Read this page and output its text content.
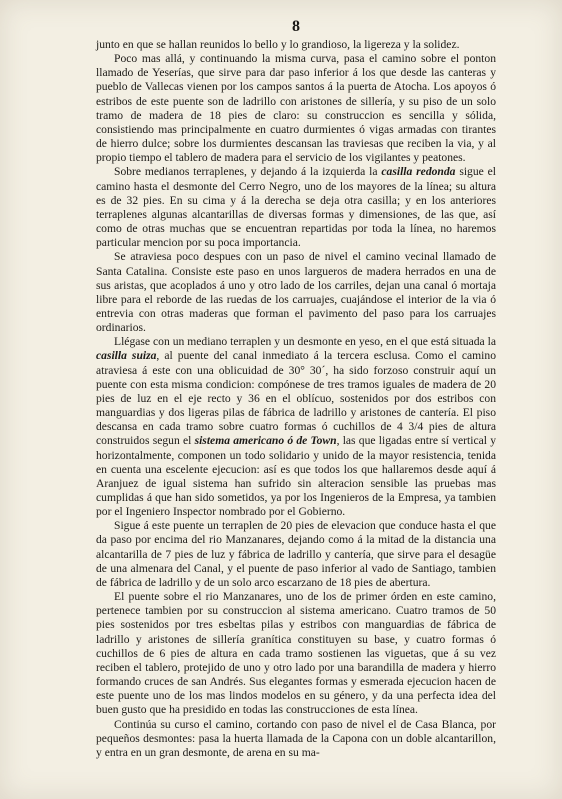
8

junto en que se hallan reunidos lo bello y lo grandioso, la ligereza y la solidez.

Poco mas allá, y continuando la misma curva, pasa el camino sobre el ponton llamado de Yeserías, que sirve para dar paso inferior á los que desde las canteras y pueblo de Vallecas vienen por los campos santos á la puerta de Atocha. Los apoyos ó estribos de este puente son de ladrillo con aristones de sillería, y su piso de un solo tramo de madera de 18 pies de claro: su construccion es sencilla y sólida, consistiendo mas principalmente en cuatro durmientes ó vigas armadas con tirantes de hierro dulce; sobre los durmientes descansan las traviesas que reciben la via, y al propio tiempo el tablero de madera para el servicio de los vigilantes y peatones.

Sobre medianos terraplenes, y dejando á la izquierda la casilla redonda sigue el camino hasta el desmonte del Cerro Negro, uno de los mayores de la línea; su altura es de 32 pies. En su cima y á la derecha se deja otra casilla; y en los anteriores terraplenes algunas alcantarillas de diversas formas y dimensiones, de las que, así como de otras muchas que se encuentran repartidas por toda la línea, no haremos particular mencion por su poca importancia.

Se atraviesa poco despues con un paso de nivel el camino vecinal llamado de Santa Catalina. Consiste este paso en unos largueros de madera herrados en una de sus aristas, que acoplados á uno y otro lado de los carriles, dejan una canal ó mortaja libre para el reborde de las ruedas de los carruajes, cuajándose el interior de la via ó entrevia con otras maderas que forman el pavimento del paso para los carruajes ordinarios.

Llégase con un mediano terraplen y un desmonte en yeso, en el que está situada la casilla suiza, al puente del canal inmediato á la tercera esclusa. Como el camino atraviesa á este con una oblicuidad de 30° 30´, ha sido forzoso construir aquí un puente con esta misma condicion: compónese de tres tramos iguales de madera de 20 pies de luz en el eje recto y 36 en el oblícuo, sostenidos por dos estribos con manguardias y dos ligeras pilas de fábrica de ladrillo y aristones de cantería. El piso descansa en cada tramo sobre cuatro formas ó cuchillos de 4 3/4 pies de altura construidos segun el sistema americano ó de Town, las que ligadas entre sí vertical y horizontalmente, componen un todo solidario y unido de la mayor resistencia, tenida en cuenta una escelente ejecucion: así es que todos los que hallaremos desde aquí á Aranjuez de igual sistema han sufrido sin alteracion sensible las pruebas mas cumplidas á que han sido sometidos, ya por los Ingenieros de la Empresa, ya tambien por el Ingeniero Inspector nombrado por el Gobierno.

Sigue á este puente un terraplen de 20 pies de elevacion que conduce hasta el que da paso por encima del rio Manzanares, dejando como á la mitad de la distancia una alcantarilla de 7 pies de luz y fábrica de ladrillo y cantería, que sirve para el desagüe de una almenara del Canal, y el puente de paso inferior al vado de Santiago, tambien de fábrica de ladrillo y de un solo arco escarzano de 18 pies de abertura.

El puente sobre el rio Manzanares, uno de los de primer órden en este camino, pertenece tambien por su construccion al sistema americano. Cuatro tramos de 50 pies sostenidos por tres esbeltas pilas y estribos con manguardias de fábrica de ladrillo y aristones de sillería granítica constituyen su base, y cuatro formas ó cuchillos de 6 pies de altura en cada tramo sostienen las viguetas, que á su vez reciben el tablero, protejido de uno y otro lado por una barandilla de madera y hierro formando cruces de san Andrés. Sus elegantes formas y esmerada ejecucion hacen de este puente uno de los mas lindos modelos en su género, y da una perfecta idea del buen gusto que ha presidido en todas las construcciones de esta línea.

Continúa su curso el camino, cortando con paso de nivel el de Casa Blanca, por pequeños desmontes: pasa la huerta llamada de la Capona con un doble alcantarillon, y entra en un gran desmonte, de arena en su ma-
